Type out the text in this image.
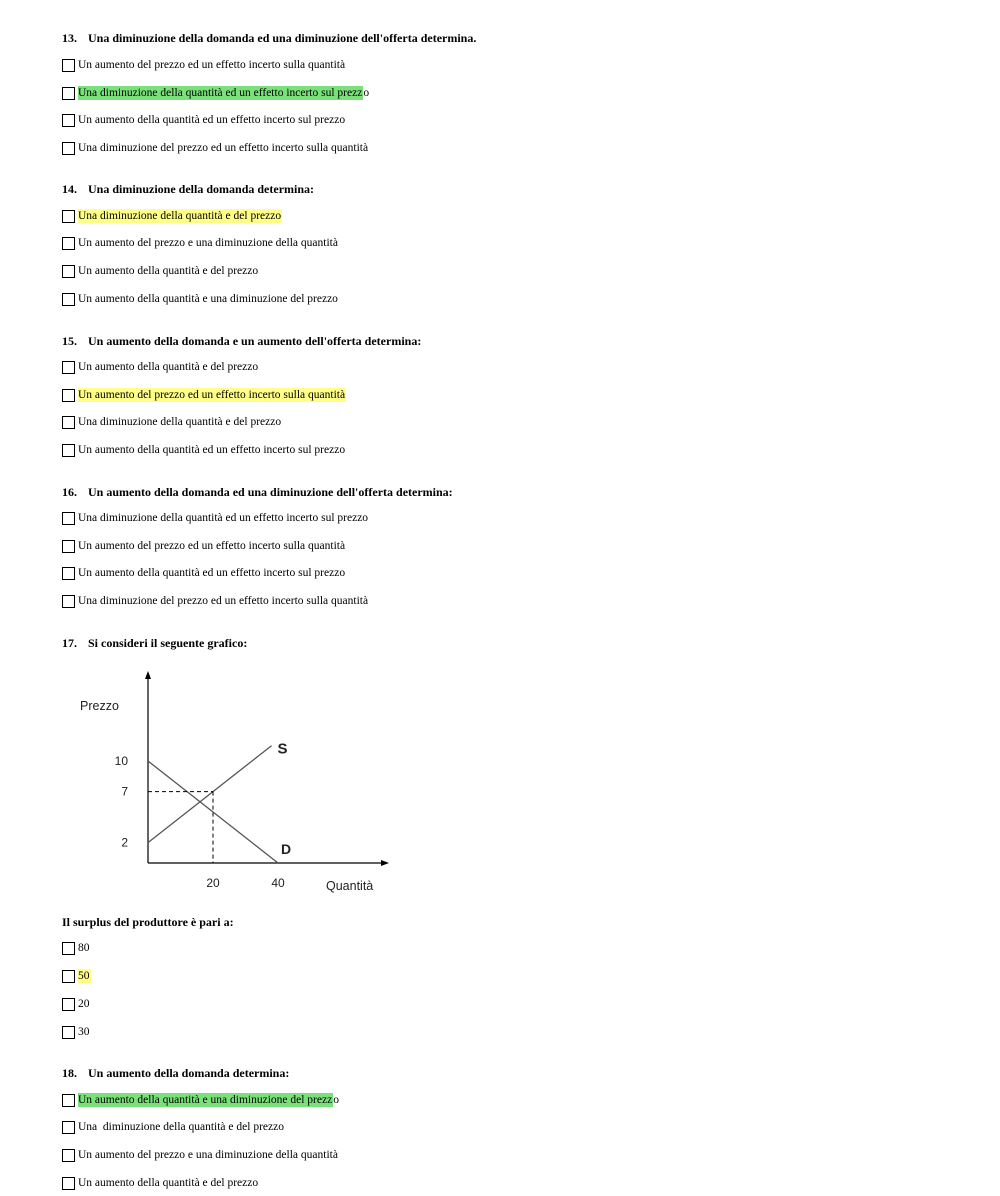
13. Una diminuzione della domanda ed una diminuzione dell'offerta determina.
Un aumento del prezzo ed un effetto incerto sulla quantità
Una diminuzione della quantità ed un effetto incerto sul prezz o
Un aumento della quantità ed un effetto incerto sul prezzo
Una diminuzione del prezzo ed un effetto incerto sulla quantità
14. Una diminuzione della domanda determina:
Una diminuzione della quantità e del prezzo
Un aumento del prezzo e una diminuzione della quantità
Un aumento della quantità e del prezzo
Un aumento della quantità e una diminuzione del prezzo
15. Un aumento della domanda e un aumento dell'offerta determina:
Un aumento della quantità e del prezzo
Un aumento del prezzo ed un effetto incerto sulla quantità
Una diminuzione della quantità e del prezzo
Un aumento della quantità ed un effetto incerto sul prezzo
16. Un aumento della domanda ed una diminuzione dell'offerta determina:
Una diminuzione della quantità ed un effetto incerto sul prezzo
Un aumento del prezzo ed un effetto incerto sulla quantità
Un aumento della quantità ed un effetto incerto sul prezzo
Una diminuzione del prezzo ed un effetto incerto sulla quantità
17. Si consideri il seguente grafico:
S
D
10
7
2
20	40
Prezzo
Quantità
Il surplus del produttore è pari a:
80
50
20
30
18. Un aumento della domanda determina:
Un aumento della quantità e una diminuzione del prezz o
Una  diminuzione della quantità e del prezzo
Un aumento del prezzo e una diminuzione della quantità
Un aumento della quantità e del prezzo
